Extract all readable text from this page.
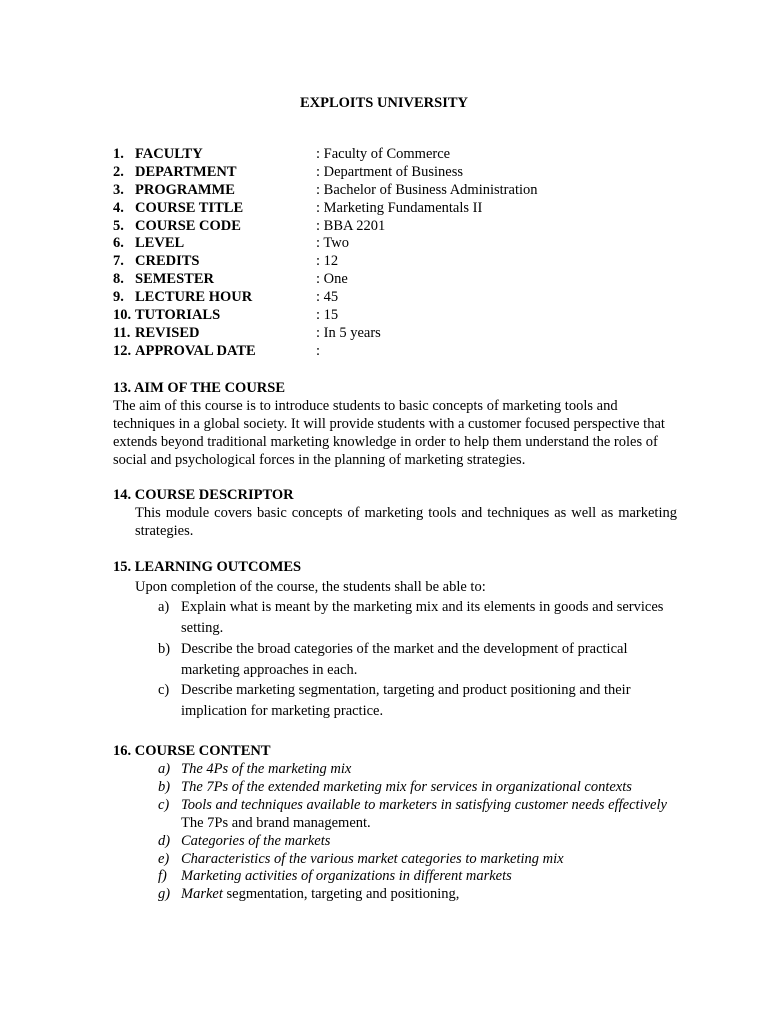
EXPLOITS UNIVERSITY
1. FACULTY	: Faculty of Commerce
2. DEPARTMENT	: Department of Business
3. PROGRAMME	: Bachelor of Business Administration
4. COURSE TITLE	: Marketing Fundamentals II
5. COURSE CODE	: BBA 2201
6. LEVEL	: Two
7. CREDITS	: 12
8. SEMESTER	: One
9. LECTURE HOUR	: 45
10. TUTORIALS	: 15
11. REVISED	: In 5 years
12. APPROVAL DATE	:
13. AIM OF THE COURSE
The aim of this course is to introduce students to basic concepts of marketing tools and techniques in a global society. It will provide students with a customer focused perspective that extends beyond traditional marketing knowledge in order to help them understand the roles of social and psychological forces in the planning of marketing strategies.
14. COURSE DESCRIPTOR
This module covers basic concepts of marketing tools and techniques as well as marketing strategies.
15. LEARNING OUTCOMES
Upon completion of the course, the students shall be able to:
a) Explain what is meant by the marketing mix and its elements in goods and services setting.
b) Describe the broad categories of the market and the development of practical marketing approaches in each.
c) Describe marketing segmentation, targeting and product positioning and their implication for marketing practice.
16. COURSE CONTENT
a) The 4Ps of the marketing mix
b) The 7Ps of the extended marketing mix for services in organizational contexts
c) Tools and techniques available to marketers in satisfying customer needs effectively
The 7Ps and brand management.
d) Categories of the markets
e) Characteristics of the various market categories to marketing mix
f) Marketing activities of organizations in different markets
g) Market segmentation, targeting and positioning,
